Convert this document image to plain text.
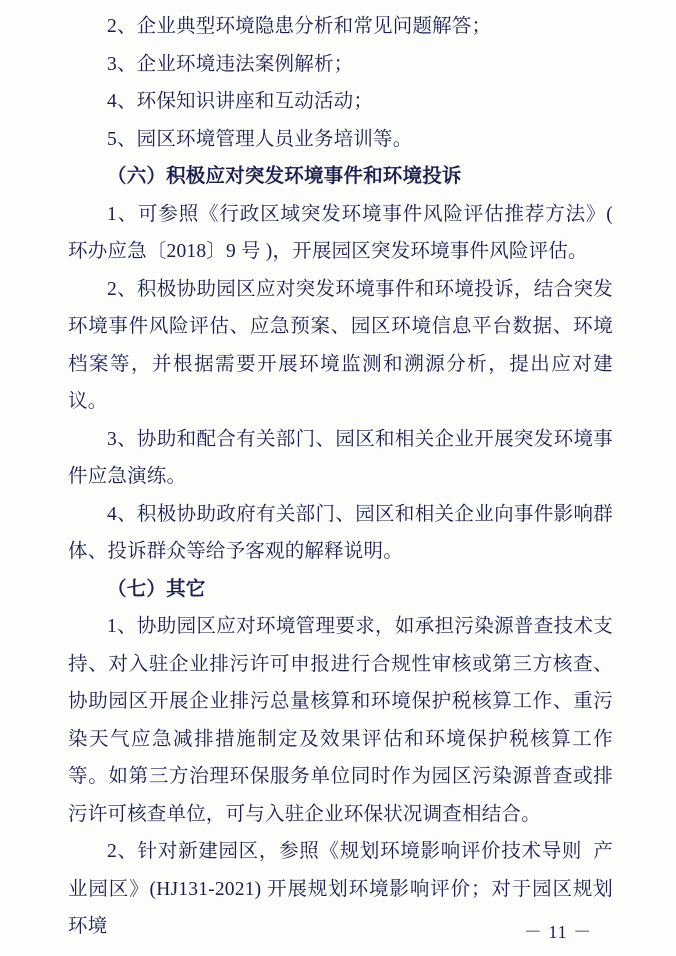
2、企业典型环境隐患分析和常见问题解答；

3、企业环境违法案例解析；

4、环保知识讲座和互动活动；

5、园区环境管理人员业务培训等。

（六）积极应对突发环境事件和环境投诉

1、可参照《行政区域突发环境事件风险评估推荐方法》( 环办应急〔2018〕9 号 )，开展园区突发环境事件风险评估。

2、积极协助园区应对突发环境事件和环境投诉，结合突发环境事件风险评估、应急预案、园区环境信息平台数据、环境档案等，并根据需要开展环境监测和溯源分析，提出应对建议。

3、协助和配合有关部门、园区和相关企业开展突发环境事件应急演练。

4、积极协助政府有关部门、园区和相关企业向事件影响群体、投诉群众等给予客观的解释说明。

（七）其它

1、协助园区应对环境管理要求，如承担污染源普查技术支持、对入驻企业排污许可申报进行合规性审核或第三方核查、协助园区开展企业排污总量核算和环境保护税核算工作、重污染天气应急减排措施制定及效果评估和环境保护税核算工作等。如第三方治理环保服务单位同时作为园区污染源普查或排污许可核查单位，可与入驻企业环保状况调查相结合。

2、针对新建园区，参照《规划环境影响评价技术导则  产业园区》(HJ131-2021) 开展规划环境影响评价；对于园区规划环境	－ 11 －
